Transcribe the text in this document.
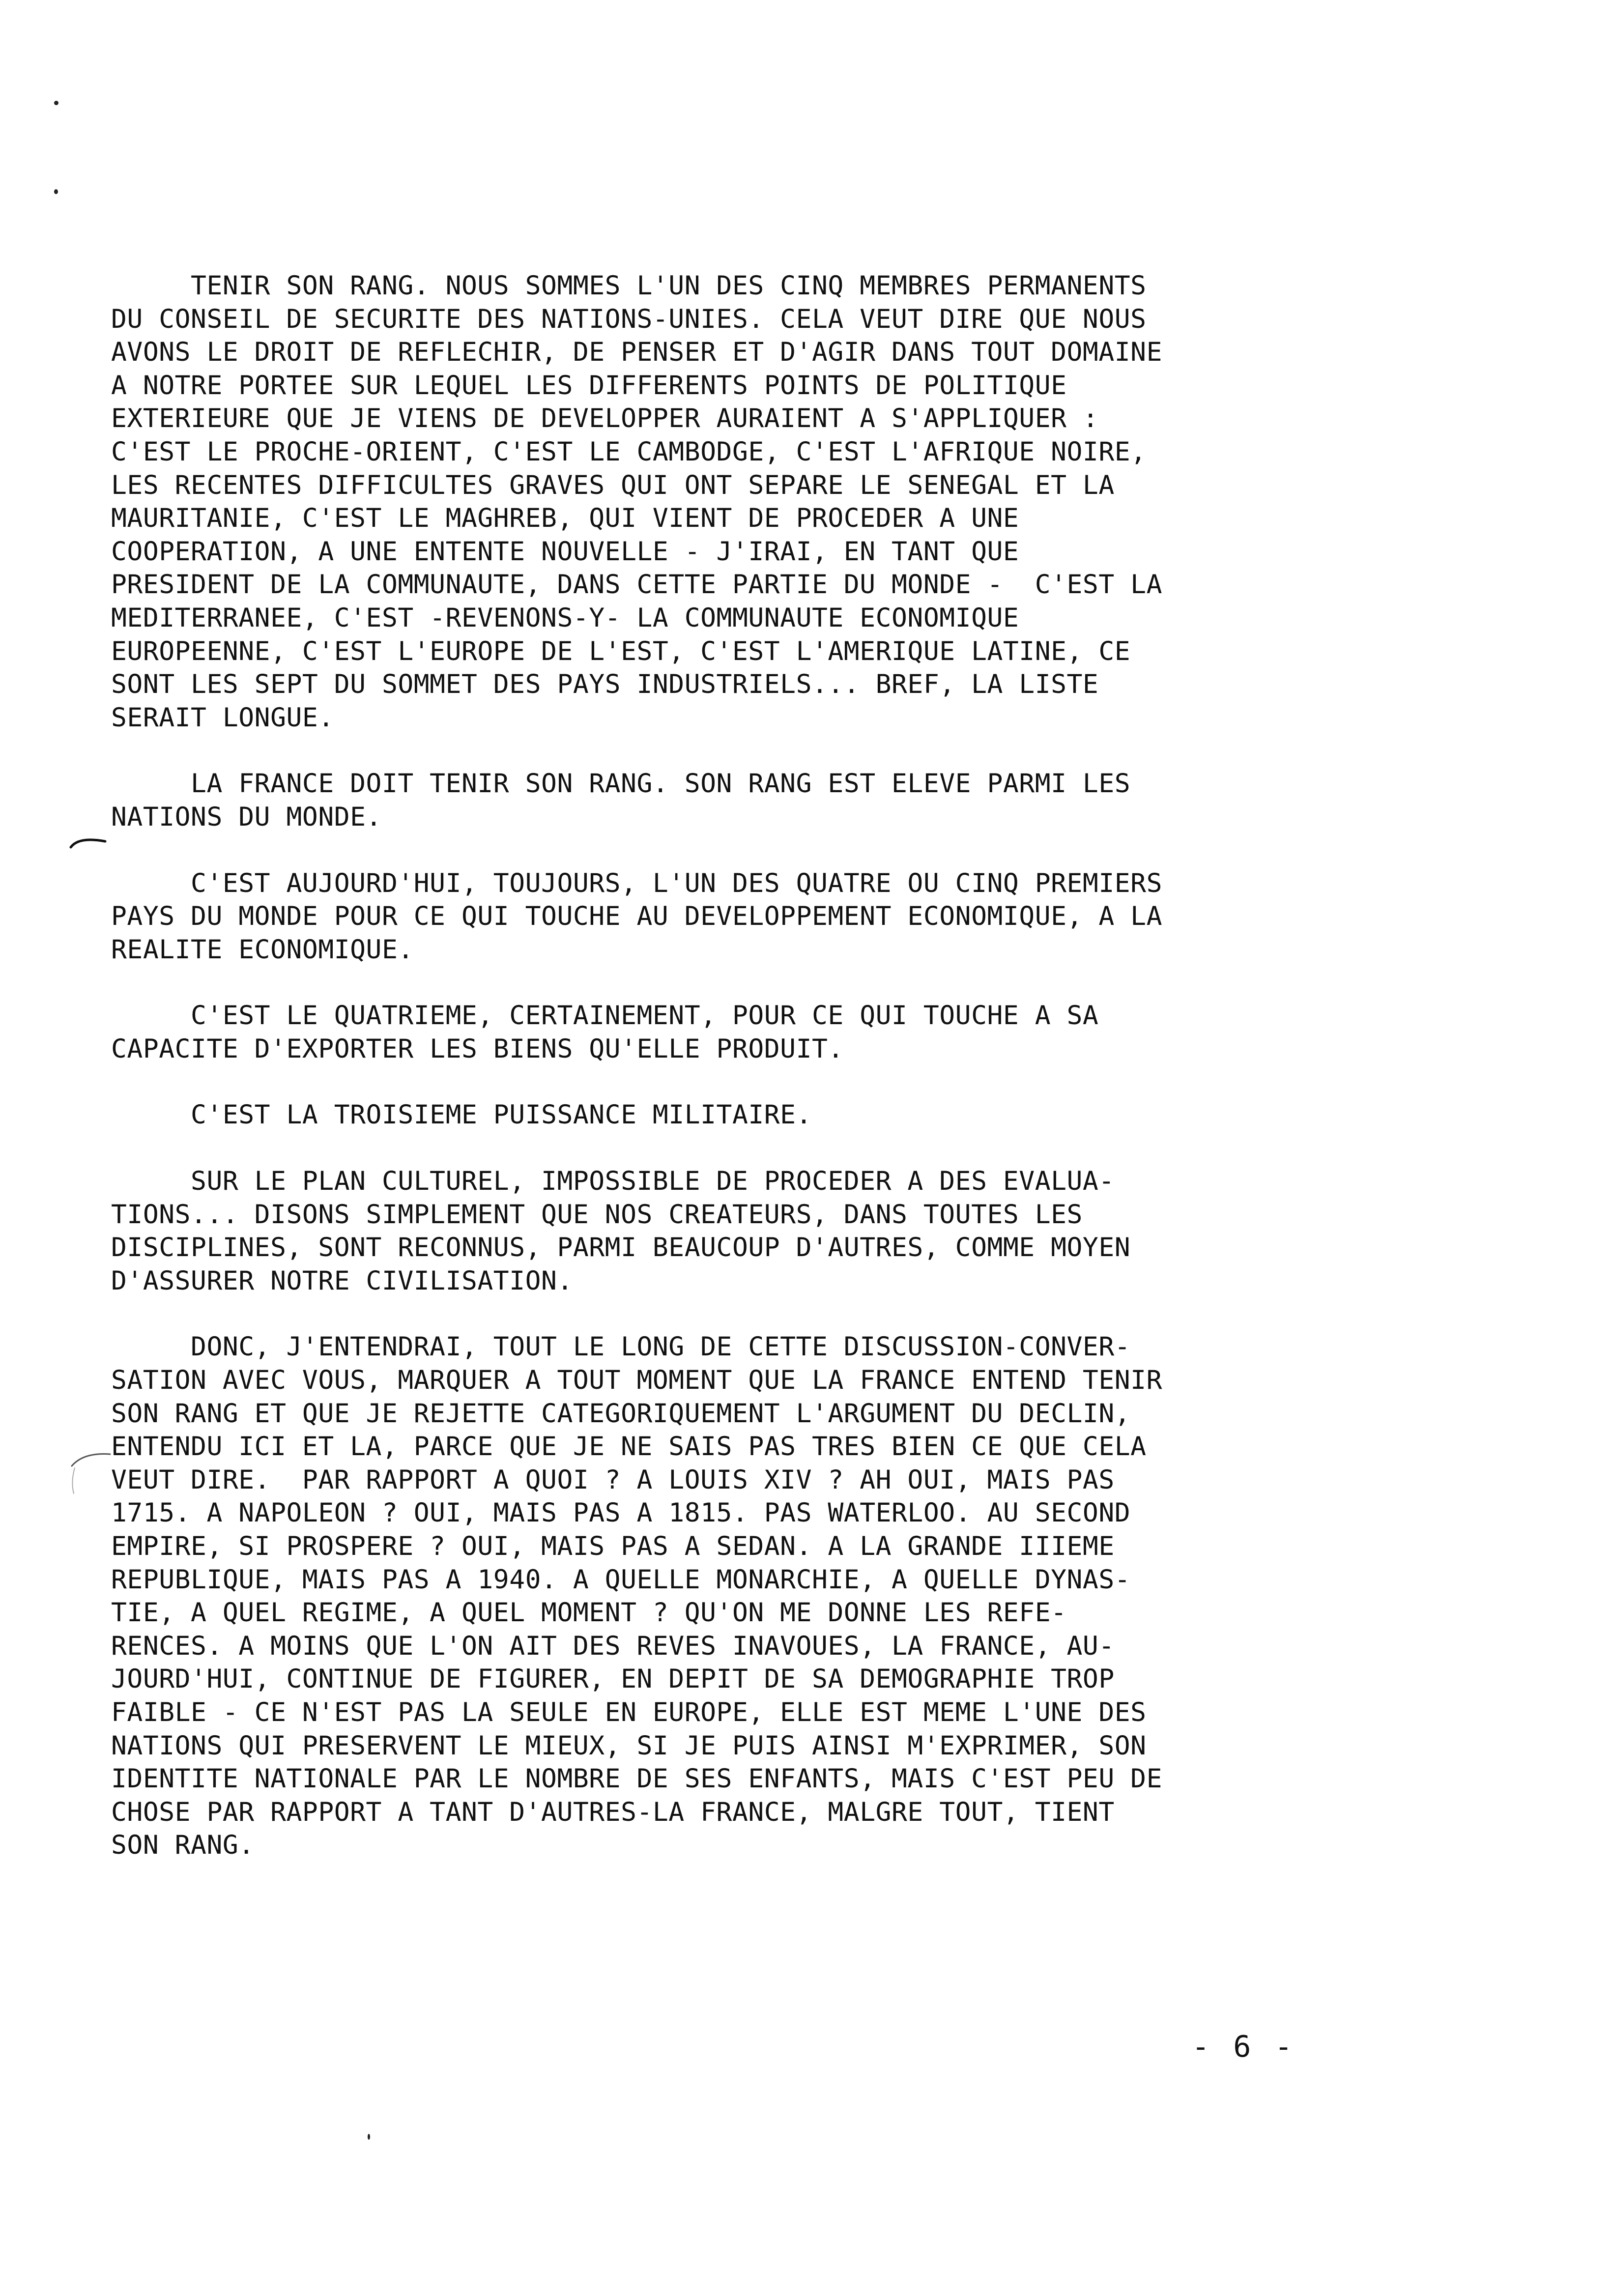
TENIR SON RANG. NOUS SOMMES L'UN DES CINQ MEMBRES PERMANENTS
DU CONSEIL DE SECURITE DES NATIONS-UNIES. CELA VEUT DIRE QUE NOUS
AVONS LE DROIT DE REFLECHIR, DE PENSER ET D'AGIR DANS TOUT DOMAINE
A NOTRE PORTEE SUR LEQUEL LES DIFFERENTS POINTS DE POLITIQUE
EXTERIEURE QUE JE VIENS DE DEVELOPPER AURAIENT A S'APPLIQUER :
C'EST LE PROCHE-ORIENT, C'EST LE CAMBODGE, C'EST L'AFRIQUE NOIRE,
LES RECENTES DIFFICULTES GRAVES QUI ONT SEPARE LE SENEGAL ET LA
MAURITANIE, C'EST LE MAGHREB, QUI VIENT DE PROCEDER A UNE
COOPERATION, A UNE ENTENTE NOUVELLE - J'IRAI, EN TANT QUE
PRESIDENT DE LA COMMUNAUTE, DANS CETTE PARTIE DU MONDE -  C'EST LA
MEDITERRANEE, C'EST -REVENONS-Y- LA COMMUNAUTE ECONOMIQUE
EUROPEENNE, C'EST L'EUROPE DE L'EST, C'EST L'AMERIQUE LATINE, CE
SONT LES SEPT DU SOMMET DES PAYS INDUSTRIELS... BREF, LA LISTE
SERAIT LONGUE.
LA FRANCE DOIT TENIR SON RANG. SON RANG EST ELEVE PARMI LES
NATIONS DU MONDE.
C'EST AUJOURD'HUI, TOUJOURS, L'UN DES QUATRE OU CINQ PREMIERS
PAYS DU MONDE POUR CE QUI TOUCHE AU DEVELOPPEMENT ECONOMIQUE, A LA
REALITE ECONOMIQUE.
C'EST LE QUATRIEME, CERTAINEMENT, POUR CE QUI TOUCHE A SA
CAPACITE D'EXPORTER LES BIENS QU'ELLE PRODUIT.
C'EST LA TROISIEME PUISSANCE MILITAIRE.
SUR LE PLAN CULTUREL, IMPOSSIBLE DE PROCEDER A DES EVALUA-
TIONS... DISONS SIMPLEMENT QUE NOS CREATEURS, DANS TOUTES LES
DISCIPLINES, SONT RECONNUS, PARMI BEAUCOUP D'AUTRES, COMME MOYEN
D'ASSURER NOTRE CIVILISATION.
DONC, J'ENTENDRAI, TOUT LE LONG DE CETTE DISCUSSION-CONVER-
SATION AVEC VOUS, MARQUER A TOUT MOMENT QUE LA FRANCE ENTEND TENIR
SON RANG ET QUE JE REJETTE CATEGORIQUEMENT L'ARGUMENT DU DECLIN,
ENTENDU ICI ET LA, PARCE QUE JE NE SAIS PAS TRES BIEN CE QUE CELA
VEUT DIRE.  PAR RAPPORT A QUOI ? A LOUIS XIV ? AH OUI, MAIS PAS
1715. A NAPOLEON ? OUI, MAIS PAS A 1815. PAS WATERLOO. AU SECOND
EMPIRE, SI PROSPERE ? OUI, MAIS PAS A SEDAN. A LA GRANDE IIIEME
REPUBLIQUE, MAIS PAS A 1940. A QUELLE MONARCHIE, A QUELLE DYNAS-
TIE, A QUEL REGIME, A QUEL MOMENT ? QU'ON ME DONNE LES REFE-
RENCES. A MOINS QUE L'ON AIT DES REVES INAVOUES, LA FRANCE, AU-
JOURD'HUI, CONTINUE DE FIGURER, EN DEPIT DE SA DEMOGRAPHIE TROP
FAIBLE - CE N'EST PAS LA SEULE EN EUROPE, ELLE EST MEME L'UNE DES
NATIONS QUI PRESERVENT LE MIEUX, SI JE PUIS AINSI M'EXPRIMER, SON
IDENTITE NATIONALE PAR LE NOMBRE DE SES ENFANTS, MAIS C'EST PEU DE
CHOSE PAR RAPPORT A TANT D'AUTRES-LA FRANCE, MALGRE TOUT, TIENT
SON RANG.
- 6 -
